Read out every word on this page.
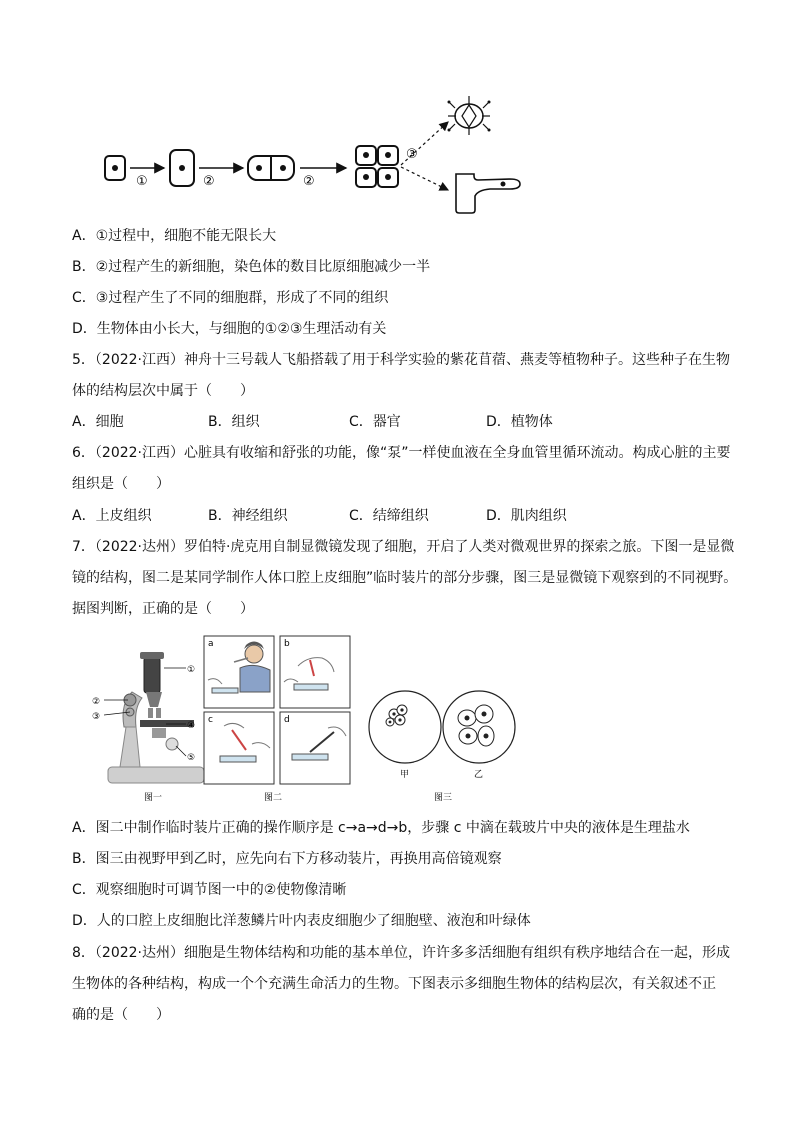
①	②	②
③
A．①过程中，细胞不能无限长大
B．②过程产生的新细胞，染色体的数目比原细胞减少一半
C．③过程产生了不同的细胞群，形成了不同的组织
D．生物体由小长大，与细胞的①②③生理活动有关
5．（2022·江西）神舟十三号载人飞船搭载了用于科学实验的紫花苜蓿、燕麦等植物种子。这些种子在生物
体的结构层次中属于（　　）
A．细胞	B．组织	C．器官	D．植物体
6．（2022·江西）心脏具有收缩和舒张的功能，像“泵”一样使血液在全身血管里循环流动。构成心脏的主要
组织是（　　）
A．上皮组织	B．神经组织	C．结缔组织	D．肌肉组织
7．（2022·达州）罗伯特·虎克用自制显微镜发现了细胞，开启了人类对微观世界的探索之旅。下图一是显微
镜的结构，图二是某同学制作人体口腔上皮细胞”临时装片的部分步骤，图三是显微镜下观察到的不同视野。
据图判断，正确的是（　　）
①
②
③
④
⑤
图一
a	b
c	d
图二
甲	乙
图三
A．图二中制作临时装片正确的操作顺序是 c→a→d→b，步骤 c 中滴在载玻片中央的液体是生理盐水
B．图三由视野甲到乙时，应先向右下方移动装片，再换用高倍镜观察
C．观察细胞时可调节图一中的②使物像清晰
D．人的口腔上皮细胞比洋葱鳞片叶内表皮细胞少了细胞壁、液泡和叶绿体
8．（2022·达州）细胞是生物体结构和功能的基本单位，许许多多活细胞有组织有秩序地结合在一起，形成
生物体的各种结构，构成一个个充满生命活力的生物。下图表示多细胞生物体的结构层次，有关叙述不正
确的是（　　）
